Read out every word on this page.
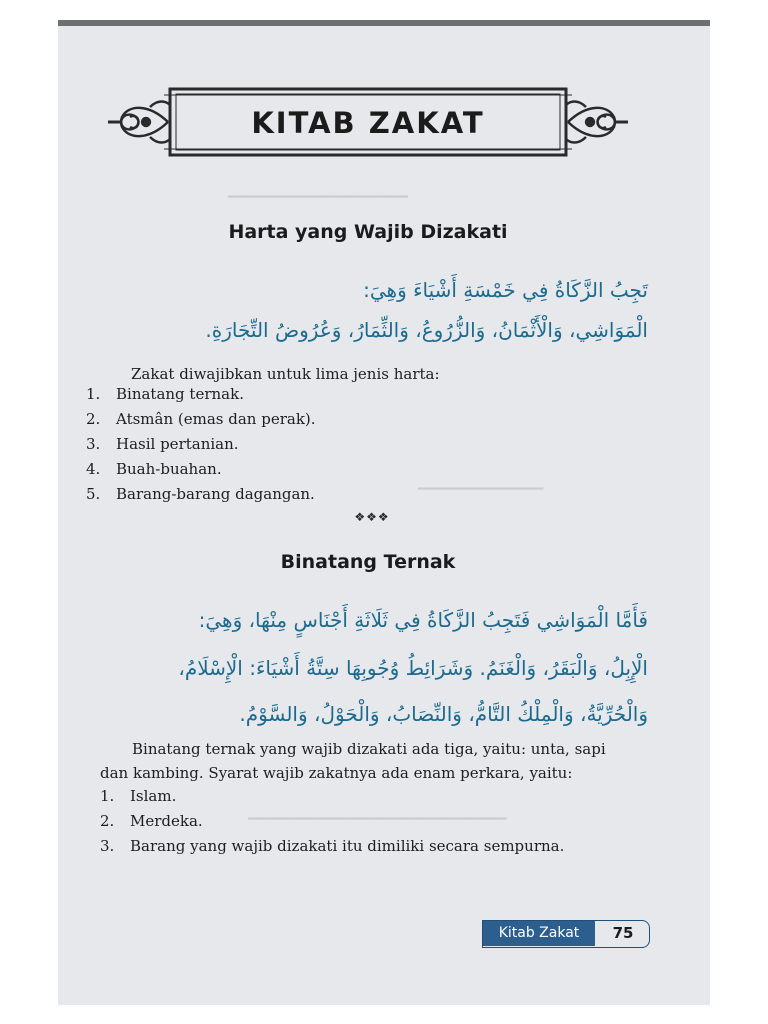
━━━━━━━━━━━━━━━━━━━━━━━
━━━━━━━━━━━━━━━━
━━━━━━━━━━━━━━━━━━━━━━━━━━━━━━━━━
KITAB ZAKAT
Harta yang Wajib Dizakati
تَجِبُ الزَّكَاةُ فِي خَمْسَةِ أَشْيَاءَ وَهِيَ:
الْمَوَاشِي، وَالْأَثْمَانُ، وَالزُّرُوعُ، وَالثِّمَارُ، وَعُرُوضُ التِّجَارَةِ.
Zakat diwajibkan untuk lima jenis harta:
1.	Binatang ternak.
2.	Atsmân (emas dan perak).
3.	Hasil pertanian.
4.	Buah-buahan.
5.	Barang-barang dagangan.
❖❖❖
Binatang Ternak
فَأَمَّا الْمَوَاشِي فَتَجِبُ الزَّكَاةُ فِي ثَلَاثَةِ أَجْنَاسٍ مِنْهَا، وَهِيَ:
الْإِبِلُ، وَالْبَقَرُ، وَالْغَنَمُ. وَشَرَائِطُ وُجُوبِهَا سِتَّةُ أَشْيَاءَ: الْإِسْلَامُ،
وَالْحُرِّيَّةُ، وَالْمِلْكُ التَّامُّ، وَالنِّصَابُ، وَالْحَوْلُ، وَالسَّوْمُ.
Binatang ternak yang wajib dizakati ada tiga, yaitu: unta, sapi
dan kambing. Syarat wajib zakatnya ada enam perkara, yaitu:
1.	Islam.
2.	Merdeka.
3.	Barang yang wajib dizakati itu dimiliki secara sempurna.
Kitab Zakat	75
